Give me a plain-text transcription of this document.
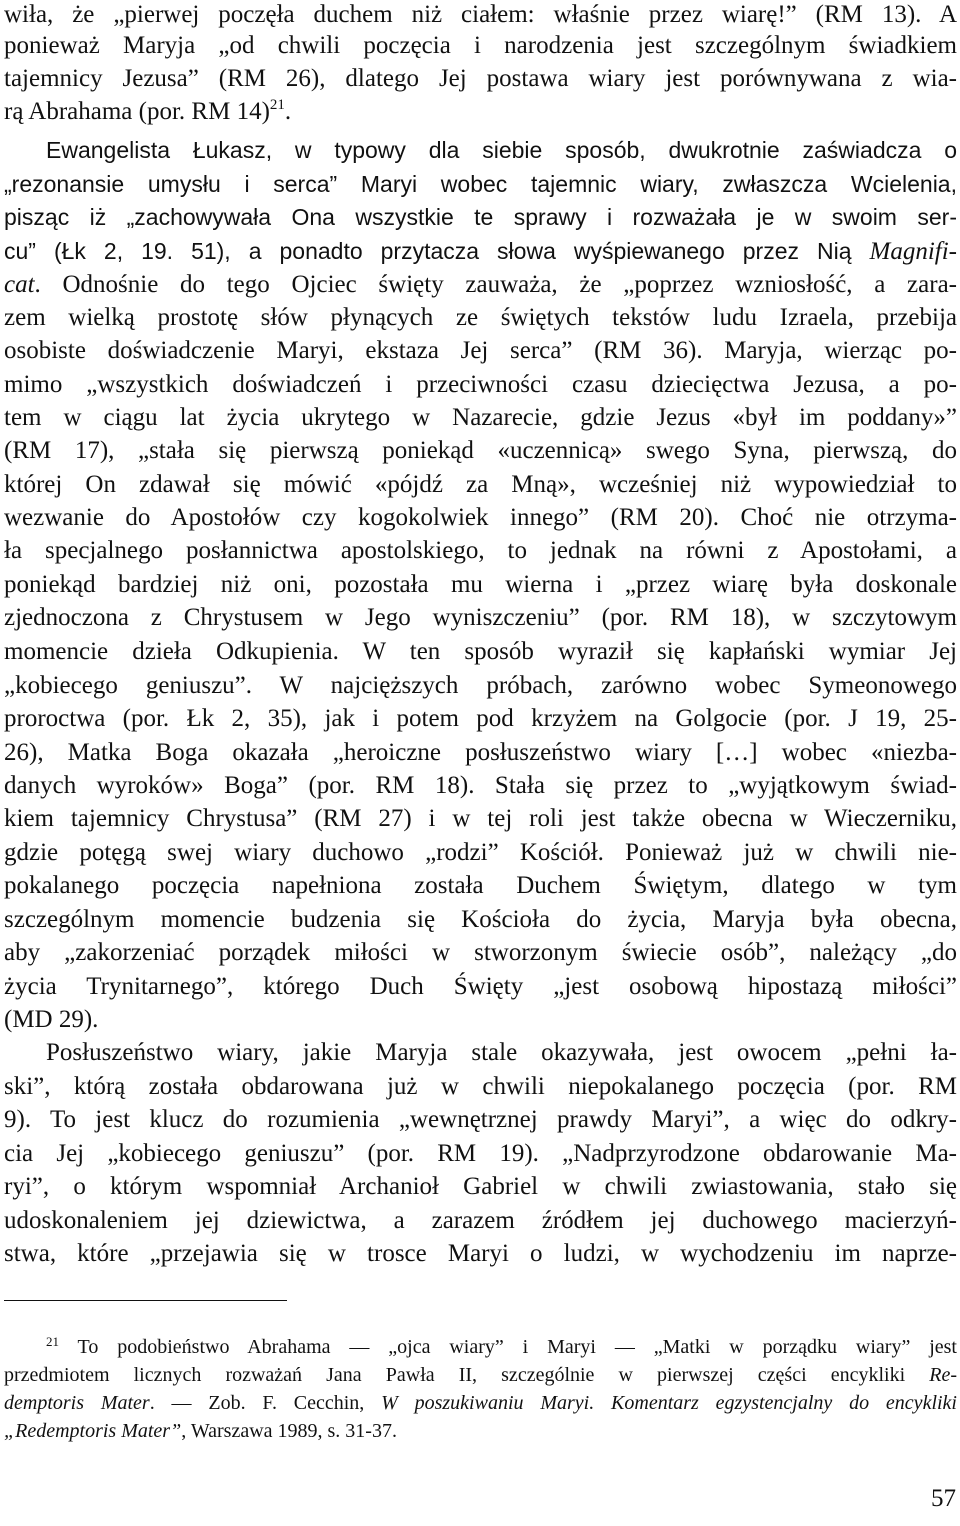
wiła, że „pierwej poczęła duchem niż ciałem: właśnie przez wiarę!” (RM 13). A
ponieważ Maryja „od chwili poczęcia i narodzenia jest szczególnym świadkiem
tajemnicy Jezusa” (RM 26), dlatego Jej postawa wiary jest porównywana z wia-
rą Abrahama (por. RM 14)$^{21}$.
Ewangelista Łukasz, w typowy dla siebie sposób, dwukrotnie zaświadcza o
„rezonansie umysłu i serca” Maryi wobec tajemnic wiary, zwłaszcza Wcielenia,
pisząc iż „zachowywała Ona wszystkie te sprawy i rozważała je w swoim ser-
cu” (Łk 2, 19. 51), a ponadto przytacza słowa wyśpiewanego przez Nią Magnifi-
cat. Odnośnie do tego Ojciec święty zauważa, że „poprzez wzniosłość, a zara-
zem wielką prostotę słów płynących ze świętych tekstów ludu Izraela, przebija
osobiste doświadczenie Maryi, ekstaza Jej serca” (RM 36). Maryja, wierząc po-
mimo „wszystkich doświadczeń i przeciwności czasu dziecięctwa Jezusa, a po-
tem w ciągu lat życia ukrytego w Nazarecie, gdzie Jezus «był im poddany»”
(RM 17), „stała się pierwszą poniekąd «uczennicą» swego Syna, pierwszą, do
której On zdawał się mówić «pójdź za Mną», wcześniej niż wypowiedział to
wezwanie do Apostołów czy kogokolwiek innego” (RM 20). Choć nie otrzyma-
ła specjalnego posłannictwa apostolskiego, to jednak na równi z Apostołami, a
poniekąd bardziej niż oni, pozostała mu wierna i „przez wiarę była doskonale
zjednoczona z Chrystusem w Jego wyniszczeniu” (por. RM 18), w szczytowym
momencie dzieła Odkupienia. W ten sposób wyraził się kapłański wymiar Jej
„kobiecego geniuszu”. W najcięższych próbach, zarówno wobec Symeonowego
proroctwa (por. Łk 2, 35), jak i potem pod krzyżem na Golgocie (por. J 19, 25-
26), Matka Boga okazała „heroiczne posłuszeństwo wiary […] wobec «niezba-
danych wyroków» Boga” (por. RM 18). Stała się przez to „wyjątkowym świad-
kiem tajemnicy Chrystusa” (RM 27) i w tej roli jest także obecna w Wieczerniku,
gdzie potęgą swej wiary duchowo „rodzi” Kościół. Ponieważ już w chwili nie-
pokalanego poczęcia napełniona została Duchem Świętym, dlatego w tym
szczególnym momencie budzenia się Kościoła do życia, Maryja była obecna,
aby „zakorzeniać porządek miłości w stworzonym świecie osób”, należący „do
życia Trynitarnego”, którego Duch Święty „jest osobową hipostazą miłości”
(MD 29).
Posłuszeństwo wiary, jakie Maryja stale okazywała, jest owocem „pełni ła-
ski”, którą została obdarowana już w chwili niepokalanego poczęcia (por. RM
9). To jest klucz do rozumienia „wewnętrznej prawdy Maryi”, a więc do odkry-
cia Jej „kobiecego geniuszu” (por. RM 19). „Nadprzyrodzone obdarowanie Ma-
ryi”, o którym wspomniał Archanioł Gabriel w chwili zwiastowania, stało się
udoskonaleniem jej dziewictwa, a zarazem źródłem jej duchowego macierzyń-
stwa, które „przejawia się w trosce Maryi o ludzi, w wychodzeniu im naprze-
$^{21}$ To podobieństwo Abrahama — „ojca wiary” i Maryi — „Matki w porządku wiary” jest
przedmiotem licznych rozważań Jana Pawła II, szczególnie w pierwszej części encykliki Re-
demptoris Mater. — Zob. F. Cecchin, W poszukiwaniu Maryi. Komentarz egzystencjalny do encykliki
„Redemptoris Mater”, Warszawa 1989, s. 31-37.
57
